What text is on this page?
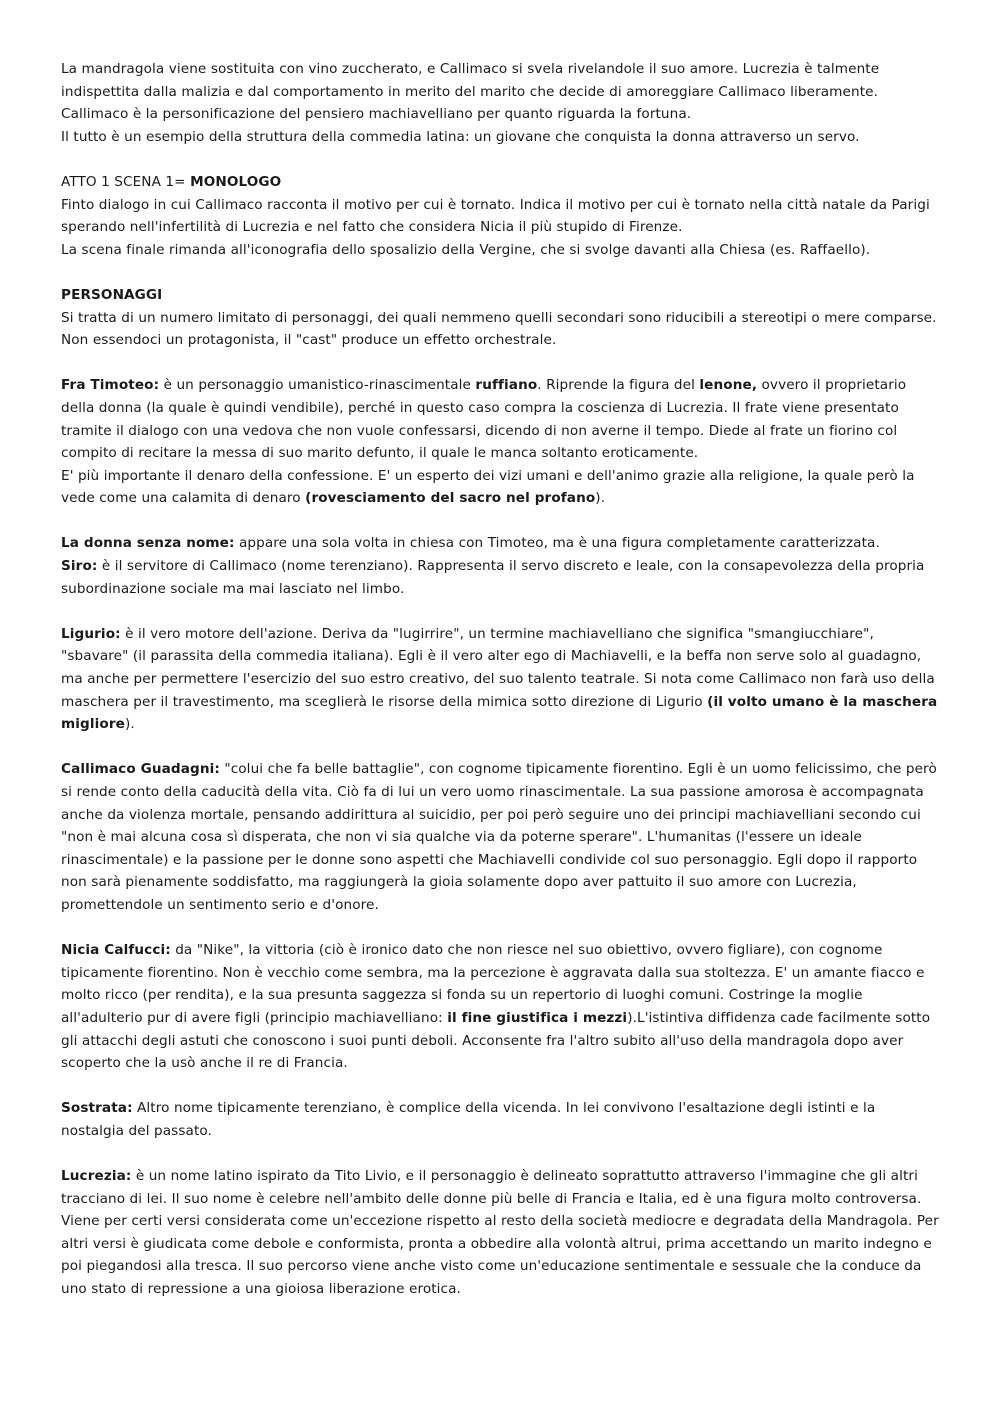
La mandragola viene sostituita con vino zuccherato, e Callimaco si svela rivelandole il suo amore. Lucrezia è talmente indispettita dalla malizia e dal comportamento in merito del marito che decide di amoreggiare Callimaco liberamente.

Callimaco è la personificazione del pensiero machiavelliano per quanto riguarda la fortuna.

Il tutto è un esempio della struttura della commedia latina: un giovane che conquista la donna attraverso un servo.

ATTO 1 SCENA 1= MONOLOGO

Finto dialogo in cui Callimaco racconta il motivo per cui è tornato. Indica il motivo per cui è tornato nella città natale da Parigi sperando nell'infertilità di Lucrezia e nel fatto che considera Nicia il più stupido di Firenze.

La scena finale rimanda all'iconografia dello sposalizio della Vergine, che si svolge davanti alla Chiesa (es. Raffaello).

PERSONAGGI

Si tratta di un numero limitato di personaggi, dei quali nemmeno quelli secondari sono riducibili a stereotipi o mere comparse. Non essendoci un protagonista, il "cast" produce un effetto orchestrale.

Fra Timoteo: è un personaggio umanistico-rinascimentale ruffiano. Riprende la figura del lenone, ovvero il proprietario della donna (la quale è quindi vendibile), perché in questo caso compra la coscienza di Lucrezia. Il frate viene presentato tramite il dialogo con una vedova che non vuole confessarsi, dicendo di non averne il tempo. Diede al frate un fiorino col compito di recitare la messa di suo marito defunto, il quale le manca soltanto eroticamente.

E' più importante il denaro della confessione. E' un esperto dei vizi umani e dell'animo grazie alla religione, la quale però la vede come una calamita di denaro (rovesciamento del sacro nel profano).

La donna senza nome: appare una sola volta in chiesa con Timoteo, ma è una figura completamente caratterizzata.

Siro: è il servitore di Callimaco (nome terenziano). Rappresenta il servo discreto e leale, con la consapevolezza della propria subordinazione sociale ma mai lasciato nel limbo.

Ligurio: è il vero motore dell'azione. Deriva da "lugirrire", un termine machiavelliano che significa "smangiucchiare", "sbavare" (il parassita della commedia italiana). Egli è il vero alter ego di Machiavelli, e la beffa non serve solo al guadagno, ma anche per permettere l'esercizio del suo estro creativo, del suo talento teatrale. Si nota come Callimaco non farà uso della maschera per il travestimento, ma sceglierà le risorse della mimica sotto direzione di Ligurio (il volto umano è la maschera migliore).

Callimaco Guadagni: "colui che fa belle battaglie", con cognome tipicamente fiorentino. Egli è un uomo felicissimo, che però si rende conto della caducità della vita. Ciò fa di lui un vero uomo rinascimentale. La sua passione amorosa è accompagnata anche da violenza mortale, pensando addirittura al suicidio, per poi però seguire uno dei principi machiavelliani secondo cui "non è mai alcuna cosa sì disperata, che non vi sia qualche via da poterne sperare". L'humanitas (l'essere un ideale rinascimentale) e la passione per le donne sono aspetti che Machiavelli condivide col suo personaggio. Egli dopo il rapporto non sarà pienamente soddisfatto, ma raggiungerà la gioia solamente dopo aver pattuito il suo amore con Lucrezia, promettendole un sentimento serio e d'onore.

Nicia Calfucci: da "Nike", la vittoria (ciò è ironico dato che non riesce nel suo obiettivo, ovvero figliare), con cognome tipicamente fiorentino. Non è vecchio come sembra, ma la percezione è aggravata dalla sua stoltezza. E' un amante fiacco e molto ricco (per rendita), e la sua presunta saggezza si fonda su un repertorio di luoghi comuni. Costringe la moglie all'adulterio pur di avere figli (principio machiavelliano: il fine giustifica i mezzi).L'istintiva diffidenza cade facilmente sotto gli attacchi degli astuti che conoscono i suoi punti deboli. Acconsente fra l'altro subito all'uso della mandragola dopo aver scoperto che la usò anche il re di Francia.

Sostrata: Altro nome tipicamente terenziano, è complice della vicenda. In lei convivono l'esaltazione degli istinti e la nostalgia del passato.

Lucrezia: è un nome latino ispirato da Tito Livio, e il personaggio è delineato soprattutto attraverso l'immagine che gli altri tracciano di lei. Il suo nome è celebre nell'ambito delle donne più belle di Francia e Italia, ed è una figura molto controversa. Viene per certi versi considerata come un'eccezione rispetto al resto della società mediocre e degradata della Mandragola. Per altri versi è giudicata come debole e conformista, pronta a obbedire alla volontà altrui, prima accettando un marito indegno e poi piegandosi alla tresca. Il suo percorso viene anche visto come un'educazione sentimentale e sessuale che la conduce da uno stato di repressione a una gioiosa liberazione erotica.
